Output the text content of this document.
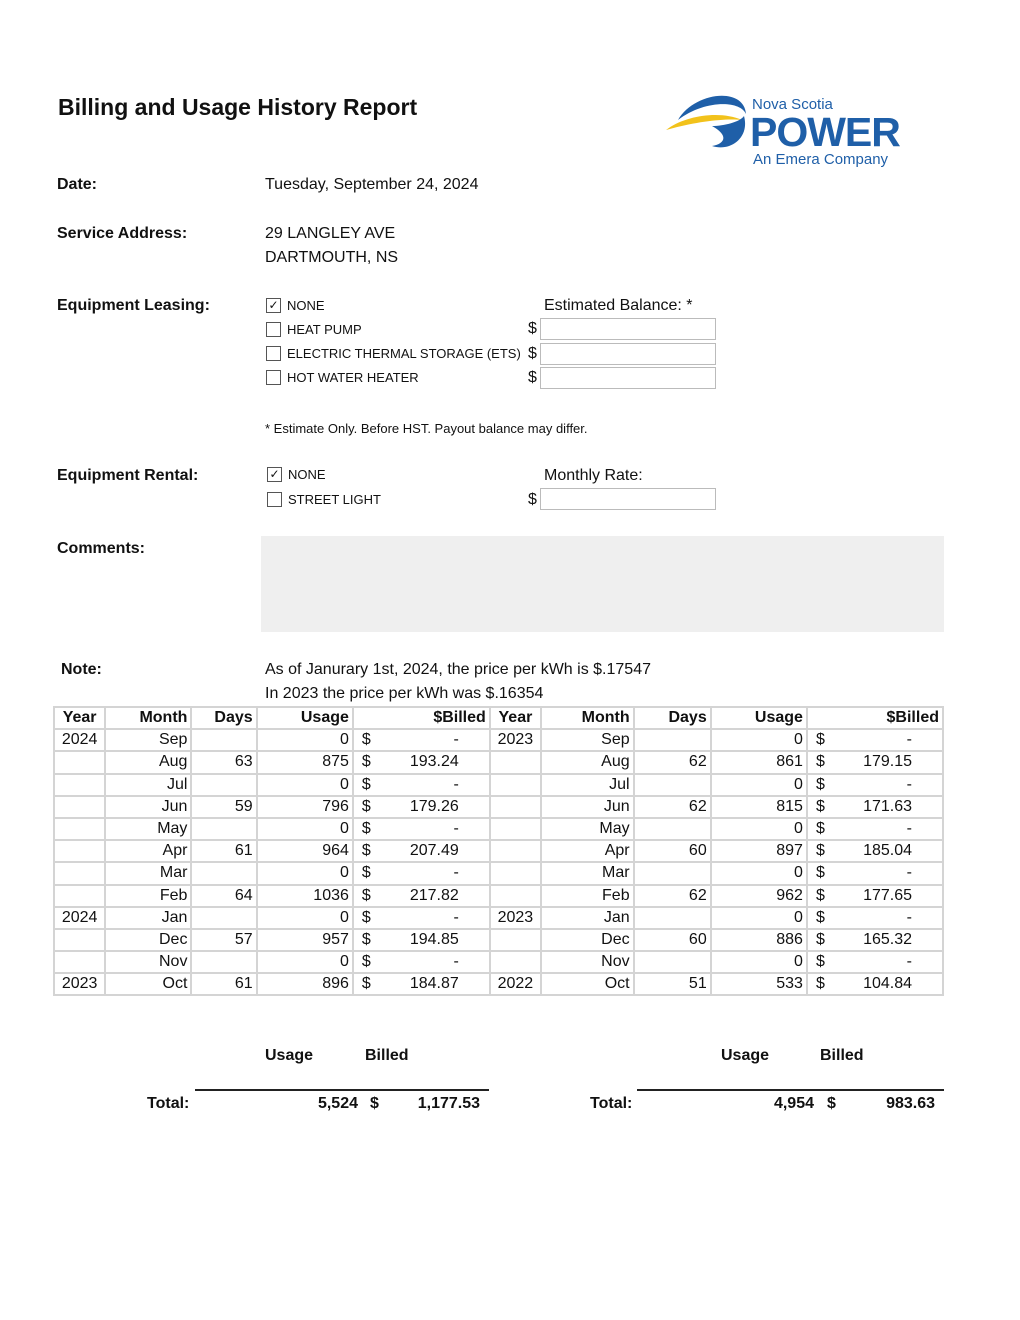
Billing and Usage History Report	Nova Scotia
POWER
An Emera Company
Date:	Tuesday, September 24, 2024
Service Address:	29 LANGLEY AVE
DARTMOUTH, NS
Equipment Leasing:	Estimated Balance: *
✓ NONE
HEAT PUMP	$
ELECTRIC THERMAL STORAGE (ETS) $
HOT WATER HEATER	$
* Estimate Only. Before HST. Payout balance may differ.
Equipment Rental:	Monthly Rate:
✓ NONE
STREET LIGHT	$
Comments:
Note:	As of Janurary 1st, 2024, the price per kWh is $.17547
In 2023 the price per kWh was $.16354
Year	Month	Days	Usage	$Billed		Year	Month	Days	Usage	$Billed	
2024	Sep		0	$	-	2023	Sep		0	$	-
	Aug	63	875	$	193.24		Aug	62	861	$	179.15
	Jul		0	$	-		Jul		0	$	-
	Jun	59	796	$	179.26		Jun	62	815	$	171.63
	May		0	$	-		May		0	$	-
	Apr	61	964	$	207.49		Apr	60	897	$	185.04
	Mar		0	$	-		Mar		0	$	-
	Feb	64	1036	$	217.82		Feb	62	962	$	177.65
2024	Jan		0	$	-	2023	Jan		0	$	-
	Dec	57	957	$	194.85		Dec	60	886	$	165.32
	Nov		0	$	-		Nov		0	$	-
2023	Oct	61	896	$	184.87	2022	Oct	51	533	$	104.84
Usage	Billed	Usage	Billed
Total:	5,524 $	1,177.53	Total:	4,954 $	983.63
